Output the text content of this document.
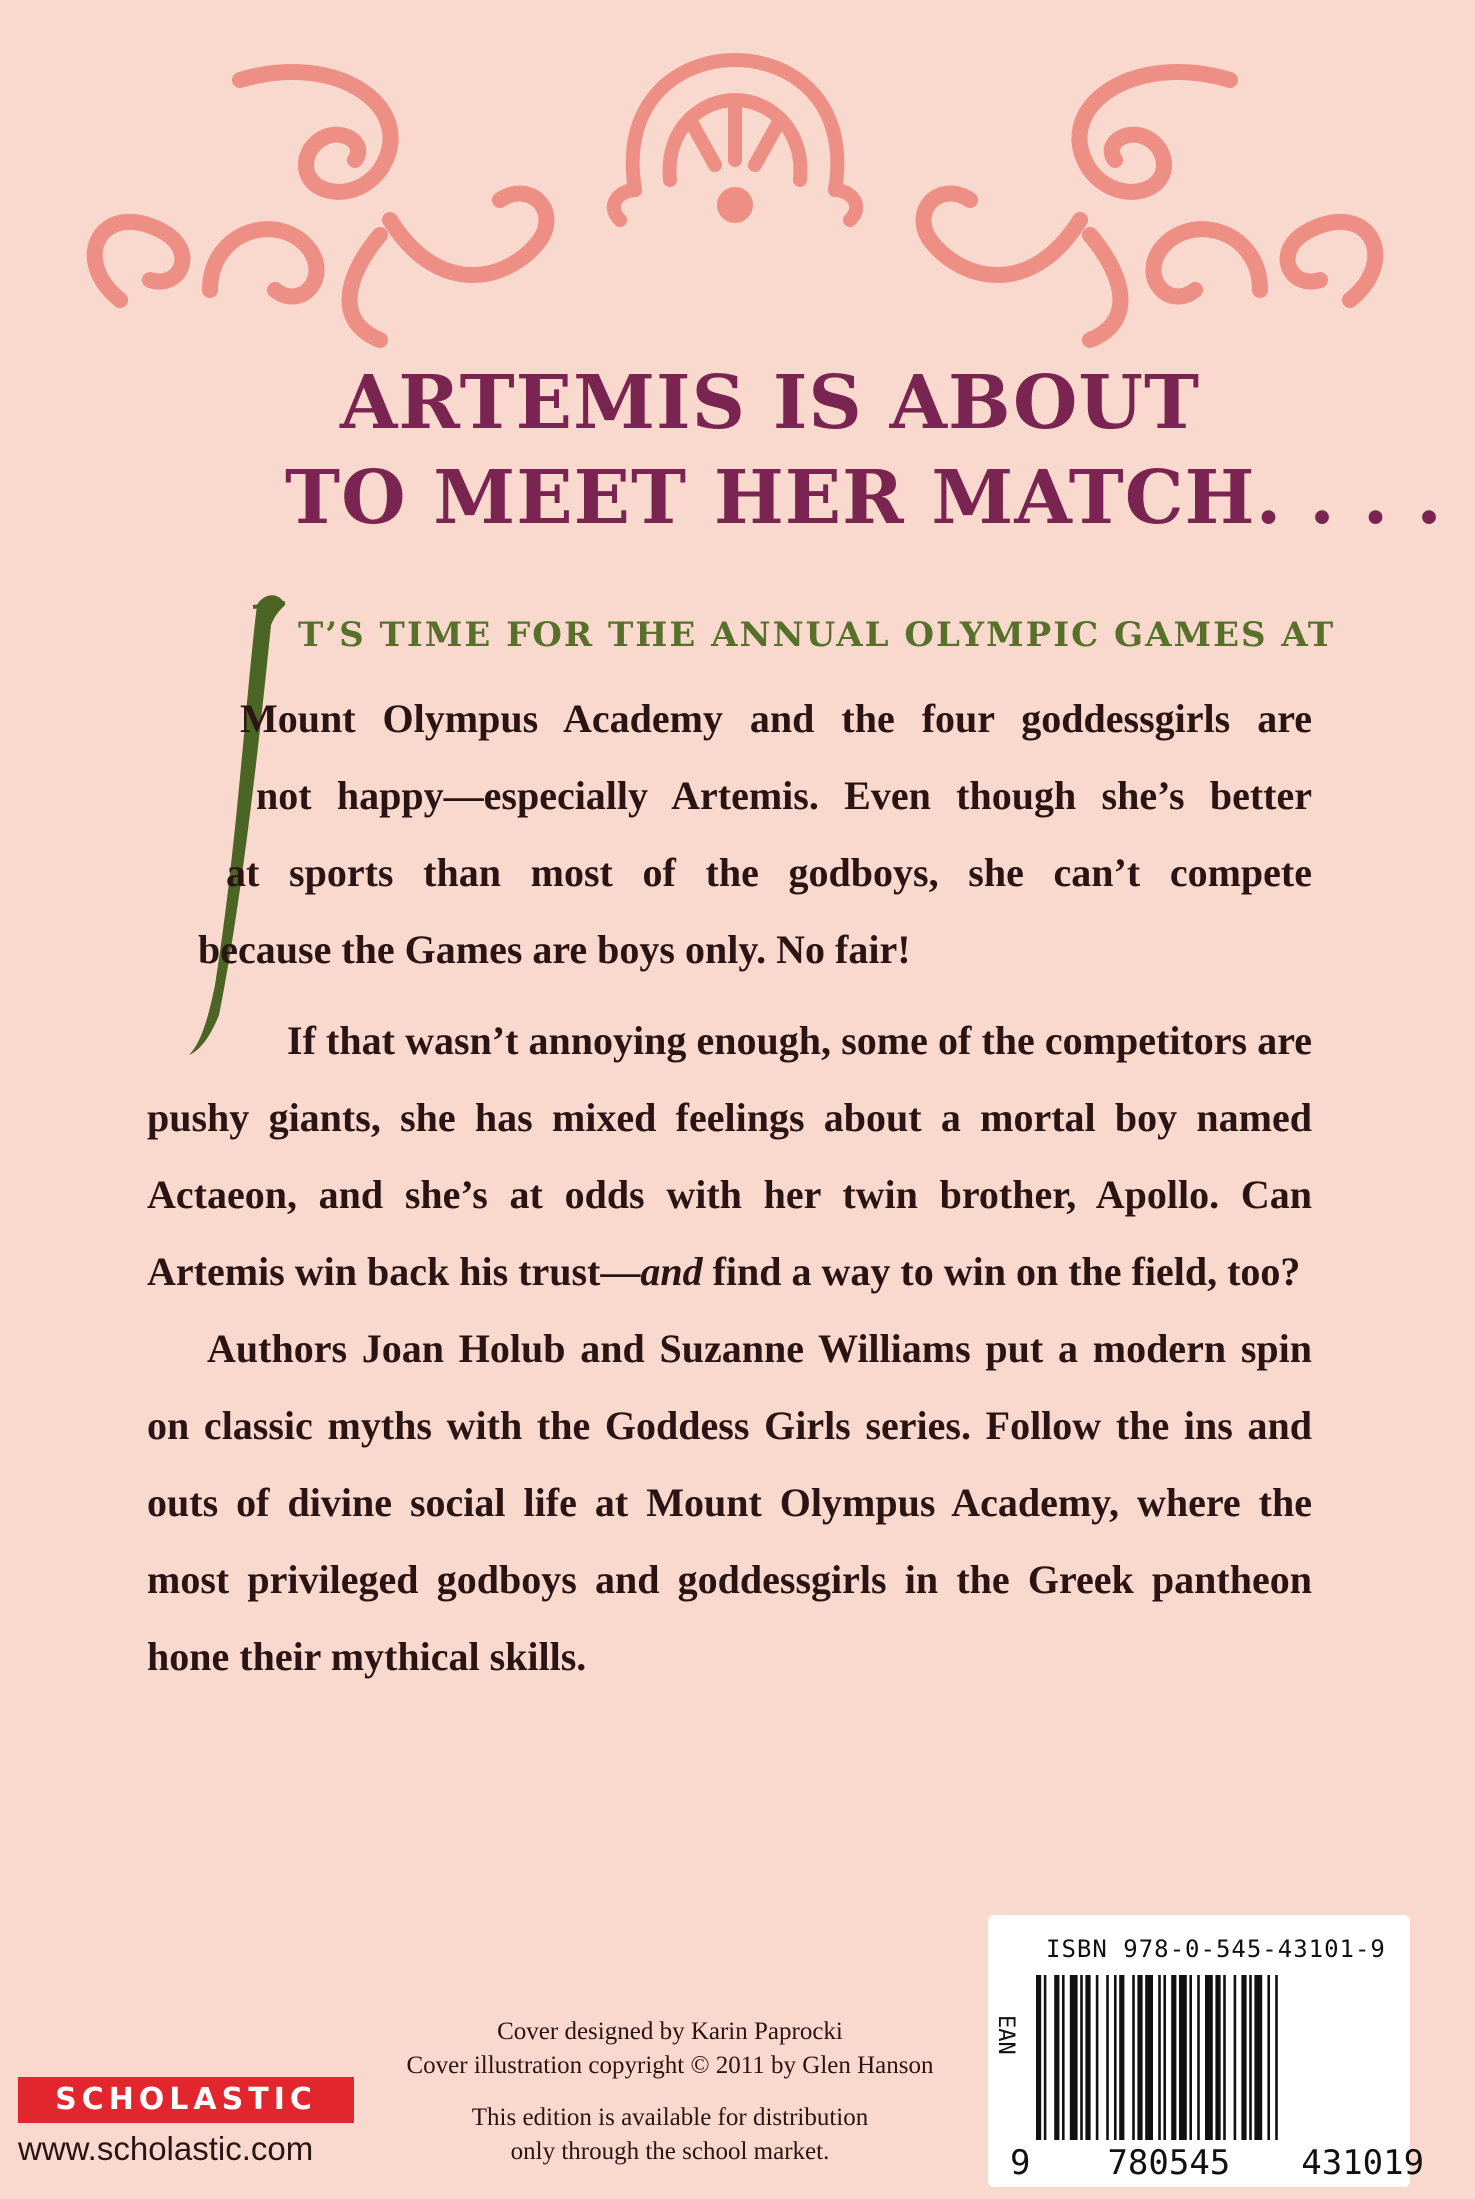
ARTEMIS IS ABOUT
TO MEET HER MATCH. . . .
T’S TIME FOR THE ANNUAL OLYMPIC GAMES AT
Mount Olympus Academy and the four goddessgirls are
not happy—especially Artemis. Even though she’s better
at sports than most of the godboys, she can’t compete
because the Games are boys only. No fair!
If that wasn’t annoying enough, some of the competitors are pushy giants, she has mixed feelings about a mortal boy named Actaeon, and she’s at odds with her twin brother, Apollo. Can Artemis win back his trust—and find a way to win on the field, too?
Authors Joan Holub and Suzanne Williams put a modern spin on classic myths with the Goddess Girls series. Follow the ins and outs of divine social life at Mount Olympus Academy, where the most privileged godboys and goddessgirls in the Greek pantheon hone their mythical skills.
Cover designed by Karin Paprocki
Cover illustration copyright © 2011 by Glen Hanson
This edition is available for distribution
only through the school market.
SCHOLASTIC
www.scholastic.com
ISBN 978-0-545-43101-9
EAN
9 780545 431019
